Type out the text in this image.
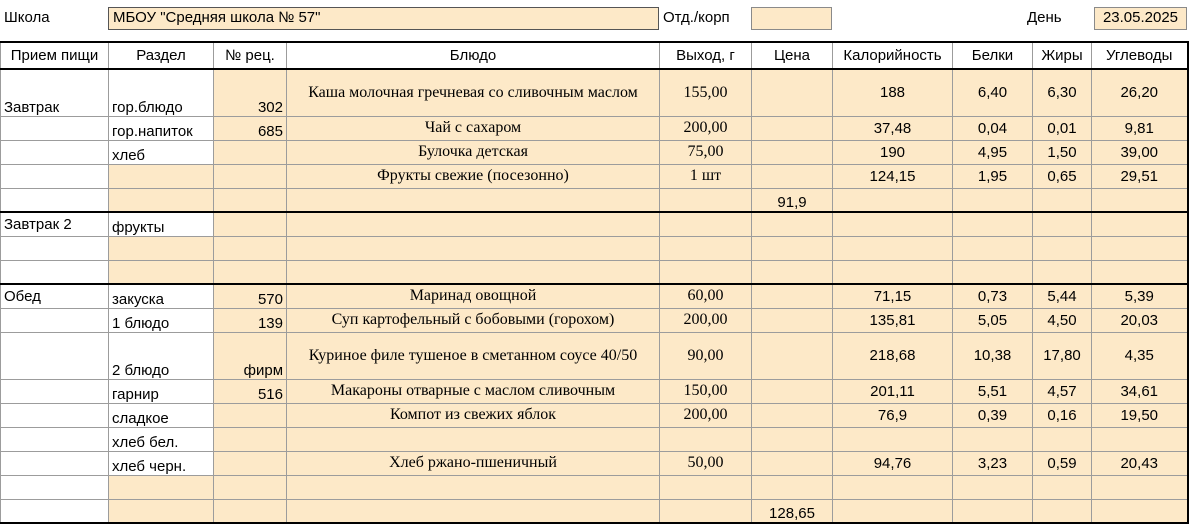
Школа	МБОУ "Средняя школа № 57"	Отд./корп	День	23.05.2025
Прием пищи	Раздел	№ рец.	Блюдо	Выход, г	Цена	Калорийность	Белки	Жиры	Углеводы
Завтрак	гор.блюдо	302	Каша молочная гречневая со сливочным маслом	155,00		188	6,40	6,30	26,20
	гор.напиток	685	Чай с сахаром	200,00		37,48	0,04	0,01	9,81
	хлеб		Булочка детская	75,00		190	4,95	1,50	39,00
			Фрукты свежие (посезонно)	1 шт		124,15	1,95	0,65	29,51
					91,9				
Завтрак 2	фрукты								

Обед	закуска	570	Маринад овощной	60,00		71,15	0,73	5,44	5,39
	1 блюдо	139	Суп картофельный с бобовыми (горохом)	200,00		135,81	5,05	4,50	20,03
	2 блюдо	фирм	Куриное филе тушеное в сметанном соусе 40/50	90,00		218,68	10,38	17,80	4,35
	гарнир	516	Макароны отварные с маслом сливочным	150,00		201,11	5,51	4,57	34,61
	сладкое		Компот из свежих яблок	200,00		76,9	0,39	0,16	19,50
	хлеб бел.								
	хлеб черн.		Хлеб ржано-пшеничный	50,00		94,76	3,23	0,59	20,43

					128,65				
